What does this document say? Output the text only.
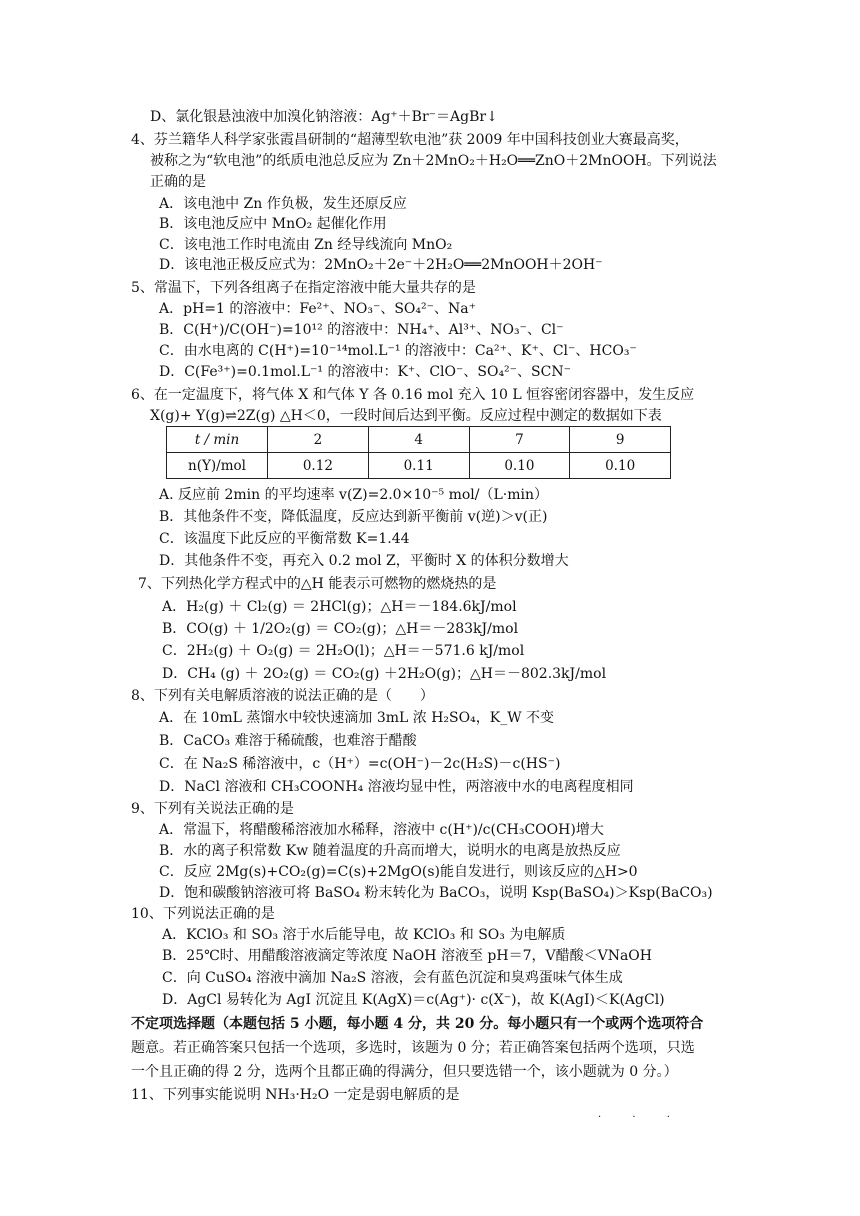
D、氯化银悬浊液中加溴化钠溶液：Ag⁺＋Br⁻＝AgBr↓
4、芬兰籍华人科学家张霞昌研制的“超薄型软电池”获 2009 年中国科技创业大赛最高奖，
被称之为“软电池”的纸质电池总反应为 Zn＋2MnO₂＋H₂O══ZnO＋2MnOOH。下列说法
正确的是
A．该电池中 Zn 作负极，发生还原反应
B．该电池反应中 MnO₂ 起催化作用
C．该电池工作时电流由 Zn 经导线流向 MnO₂
D．该电池正极反应式为：2MnO₂＋2e⁻＋2H₂O══2MnOOH＋2OH⁻
5、常温下，下列各组离子在指定溶液中能大量共存的是
A．pH=1 的溶液中：Fe²⁺、NO₃⁻、SO₄²⁻、Na⁺
B．C(H⁺)/C(OH⁻)=10¹² 的溶液中：NH₄⁺、Al³⁺、NO₃⁻、Cl⁻
C．由水电离的 C(H⁺)=10⁻¹⁴mol.L⁻¹ 的溶液中：Ca²⁺、K⁺、Cl⁻、HCO₃⁻
D．C(Fe³⁺)=0.1mol.L⁻¹ 的溶液中：K⁺、ClO⁻、SO₄²⁻、SCN⁻
6、在一定温度下，将气体 X 和气体 Y 各 0.16 mol 充入 10 L 恒容密闭容器中，发生反应
X(g)+ Y(g)⇌2Z(g) △H＜0，一段时间后达到平衡。反应过程中测定的数据如下表
t / min	2	4	7	9
n(Y)/mol	0.12	0.11	0.10	0.10
A. 反应前 2min 的平均速率 v(Z)=2.0×10⁻⁵ mol/（L·min）
B．其他条件不变，降低温度，反应达到新平衡前 v(逆)＞v(正)
C．该温度下此反应的平衡常数 K=1.44
D．其他条件不变，再充入 0.2 mol Z，平衡时 X 的体积分数增大
7、下列热化学方程式中的△H 能表示可燃物的燃烧热的是
A．H₂(g) ＋ Cl₂(g) ＝ 2HCl(g)；△H＝－184.6kJ/mol
B．CO(g) ＋ 1/2O₂(g) ＝ CO₂(g)；△H＝－283kJ/mol
C．2H₂(g) ＋ O₂(g) ＝ 2H₂O(l)；△H＝－571.6 kJ/mol
D．CH₄ (g) ＋ 2O₂(g) ＝ CO₂(g) ＋2H₂O(g)；△H＝－802.3kJ/mol
8、下列有关电解质溶液的说法正确的是（　　）
A．在 10mL 蒸馏水中较快速滴加 3mL 浓 H₂SO₄，K_W 不变
B．CaCO₃ 难溶于稀硫酸，也难溶于醋酸
C．在 Na₂S 稀溶液中，c（H⁺）=c(OH⁻)－2c(H₂S)－c(HS⁻)
D．NaCl 溶液和 CH₃COONH₄ 溶液均显中性，两溶液中水的电离程度相同
9、下列有关说法正确的是
A．常温下，将醋酸稀溶液加水稀释，溶液中 c(H⁺)/c(CH₃COOH)增大
B．水的离子积常数 Kw 随着温度的升高而增大，说明水的电离是放热反应
C．反应 2Mg(s)+CO₂(g)=C(s)+2MgO(s)能自发进行，则该反应的△H>0
D．饱和碳酸钠溶液可将 BaSO₄ 粉末转化为 BaCO₃，说明 Ksp(BaSO₄)＞Ksp(BaCO₃)
10、下列说法正确的是
A．KClO₃ 和 SO₃ 溶于水后能导电，故 KClO₃ 和 SO₃ 为电解质
B．25℃时、用醋酸溶液滴定等浓度 NaOH 溶液至 pH＝7，V醋酸＜VNaOH
C．向 CuSO₄ 溶液中滴加 Na₂S 溶液，会有蓝色沉淀和臭鸡蛋味气体生成
D．AgCl 易转化为 AgI 沉淀且 K(AgX)＝c(Ag⁺)· c(X⁻)，故 K(AgI)＜K(AgCl)
不定项选择题（本题包括 5 小题，每小题 4 分，共 20 分。每小题只有一个或两个选项符合
题意。若正确答案只包括一个选项，多选时，该题为 0 分；若正确答案包括两个选项，只选
一个且正确的得 2 分，选两个且都正确的得满分，但只要选错一个，该小题就为 0 分。）
11、下列事实能说明 NH₃·H₂O 一定是弱电解质的是
· · ·
